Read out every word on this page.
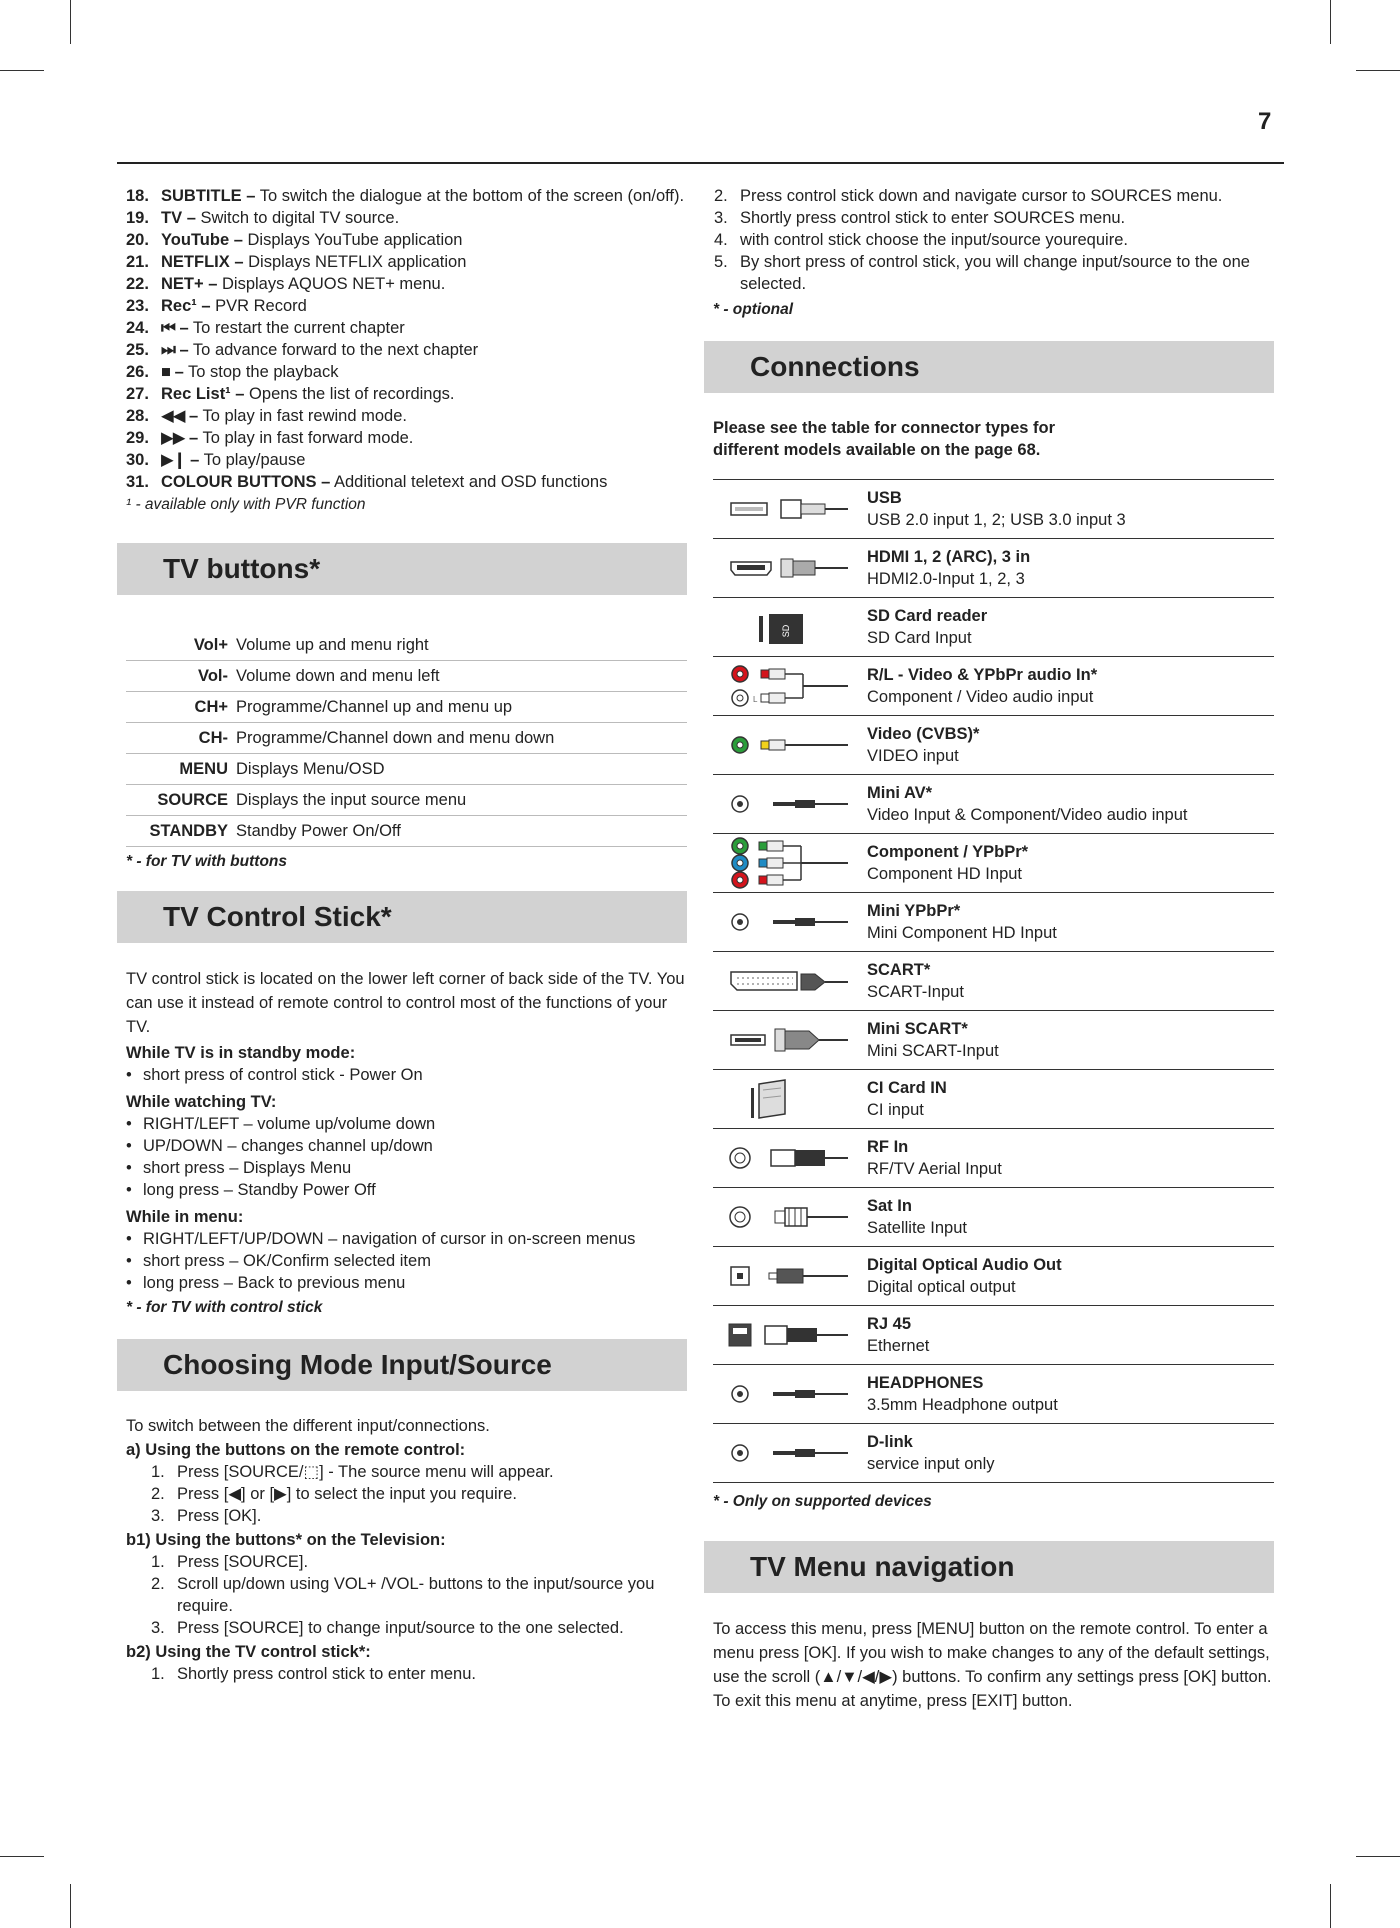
7
18. SUBTITLE – To switch the dialogue at the bottom of the screen (on/off).
19. TV – Switch to digital TV source.
20. YouTube – Displays YouTube application
21. NETFLIX – Displays NETFLIX application
22. NET+ – Displays AQUOS NET+ menu.
23. Rec¹ – PVR Record
24. ⏮ – To restart the current chapter
25. ⏭ – To advance forward to the next chapter
26. ■ – To stop the playback
27. Rec List¹ – Opens the list of recordings.
28. ◀◀ – To play in fast rewind mode.
29. ▶▶ – To play in fast forward mode.
30. ▶❙ – To play/pause
31. COLOUR BUTTONS – Additional teletext and OSD functions
¹ - available only with PVR function
TV buttons*
Vol+ Volume up and menu right
Vol- Volume down and menu left
CH+ Programme/Channel up and menu up
CH- Programme/Channel down and menu down
MENU Displays Menu/OSD
SOURCE Displays the input source menu
STANDBY Standby Power On/Off
* - for TV with buttons
TV Control Stick*
TV control stick is located on the lower left corner of back side of the TV. You can use it instead of remote control to control most of the functions of your TV.
While TV is in standby mode:
• short press of control stick - Power On
While watching TV:
• RIGHT/LEFT – volume up/volume down
• UP/DOWN – changes channel up/down
• short press – Displays Menu
• long press – Standby Power Off
While in menu:
• RIGHT/LEFT/UP/DOWN – navigation of cursor in on-screen menus
• short press – OK/Confirm selected item
• long press – Back to previous menu
* - for TV with control stick
Choosing Mode Input/Source
To switch between the different input/connections.
a) Using the buttons on the remote control:
1. Press [SOURCE/⬚] - The source menu will appear.
2. Press [◀] or [▶] to select the input you require.
3. Press [OK].
b1) Using the buttons* on the Television:
1. Press [SOURCE].
2. Scroll up/down using VOL+ /VOL- buttons to the input/source you require.
3. Press [SOURCE] to change input/source to the one selected.
b2) Using the TV control stick*:
1. Shortly press control stick to enter menu.
2. Press control stick down and navigate cursor to SOURCES menu.
3. Shortly press control stick to enter SOURCES menu.
4. with control stick choose the input/source yourequire.
5. By short press of control stick, you will change input/source to the one selected.
* - optional
Connections
Please see the table for connector types for different models available on the page 68.
USB
USB 2.0 input 1, 2; USB 3.0 input 3
HDMI 1, 2 (ARC), 3 in
HDMI2.0-Input 1, 2, 3
SD
SD Card reader
SD Card Input
L
R/L - Video & YPbPr audio In*
Component / Video audio input
Video (CVBS)*
VIDEO input
Mini AV*
Video Input & Component/Video audio input
Component / YPbPr*
Component HD Input
Mini YPbPr*
Mini Component HD Input
SCART*
SCART-Input
Mini SCART*
Mini SCART-Input
CI Card IN
CI input
RF In
RF/TV Aerial Input
Sat In
Satellite Input
Digital Optical Audio Out
Digital optical output
RJ 45
Ethernet
HEADPHONES
3.5mm Headphone output
D-link
service input only
* - Only on supported devices
TV Menu navigation
To access this menu, press [MENU] button on the remote control. To enter a menu press [OK]. If you wish to make changes to any of the default settings, use the scroll (▲/▼/◀/▶) buttons. To confirm any settings press [OK] button. To exit this menu at anytime, press [EXIT] button.
